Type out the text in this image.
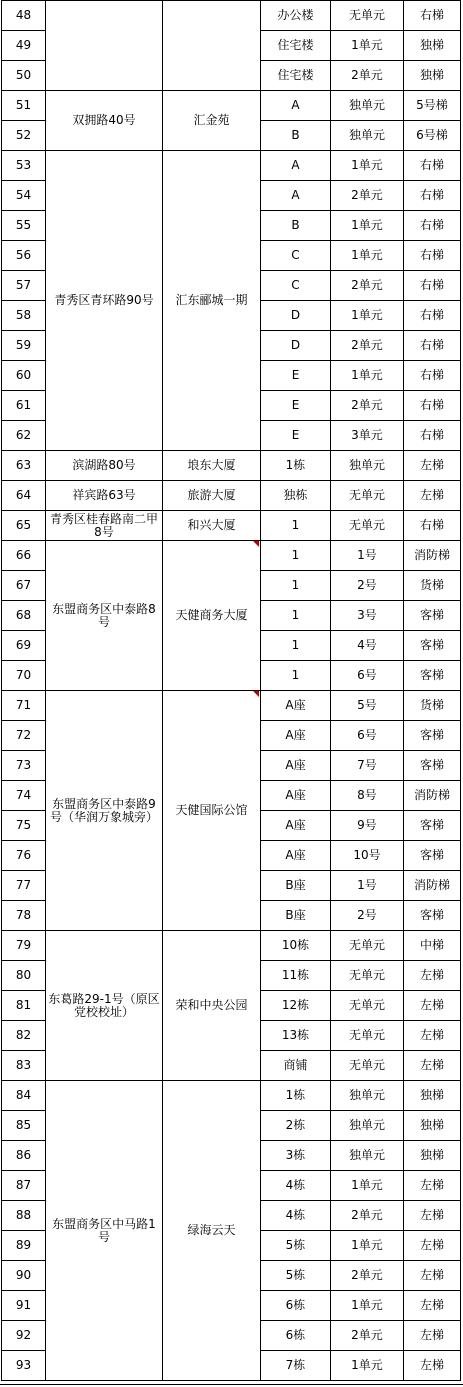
48			办公楼	无单元	右梯
49			住宅楼	1单元	独梯
50			住宅楼	2单元	独梯
51	双拥路40号	汇金苑	A	独单元	5号梯
52			B	独单元	6号梯
53	青秀区青环路90号	汇东郦城一期	A	1单元	右梯
54			A	2单元	右梯
55			B	1单元	右梯
56			C	1单元	右梯
57			C	2单元	右梯
58			D	1单元	右梯
59			D	2单元	右梯
60			E	1单元	右梯
61			E	2单元	右梯
62			E	3单元	右梯
63	滨湖路80号	埌东大厦	1栋	独单元	左梯
64	祥宾路63号	旅游大厦	独栋	无单元	左梯
65	青秀区桂春路南二甲8号	和兴大厦	1	无单元	右梯
66	东盟商务区中泰路8号	天健商务大厦	1	1号	消防梯
67			1	2号	货梯
68			1	3号	客梯
69			1	4号	客梯
70			1	6号	客梯
71	东盟商务区中泰路9号（华润万象城旁）	天健国际公馆	A座	5号	货梯
72			A座	6号	客梯
73			A座	7号	客梯
74			A座	8号	消防梯
75			A座	9号	客梯
76			A座	10号	客梯
77			B座	1号	消防梯
78			B座	2号	客梯
79	东葛路29-1号（原区党校校址）	荣和中央公园	10栋	无单元	中梯
80			11栋	无单元	左梯
81			12栋	无单元	左梯
82			13栋	无单元	左梯
83			商铺	无单元	左梯
84	东盟商务区中马路1号	绿海云天	1栋	独单元	独梯
85			2栋	独单元	独梯
86			3栋	独单元	独梯
87			4栋	1单元	左梯
88			4栋	2单元	左梯
89			5栋	1单元	左梯
90			5栋	2单元	左梯
91			6栋	1单元	左梯
92			6栋	2单元	左梯
93			7栋	1单元	左梯
